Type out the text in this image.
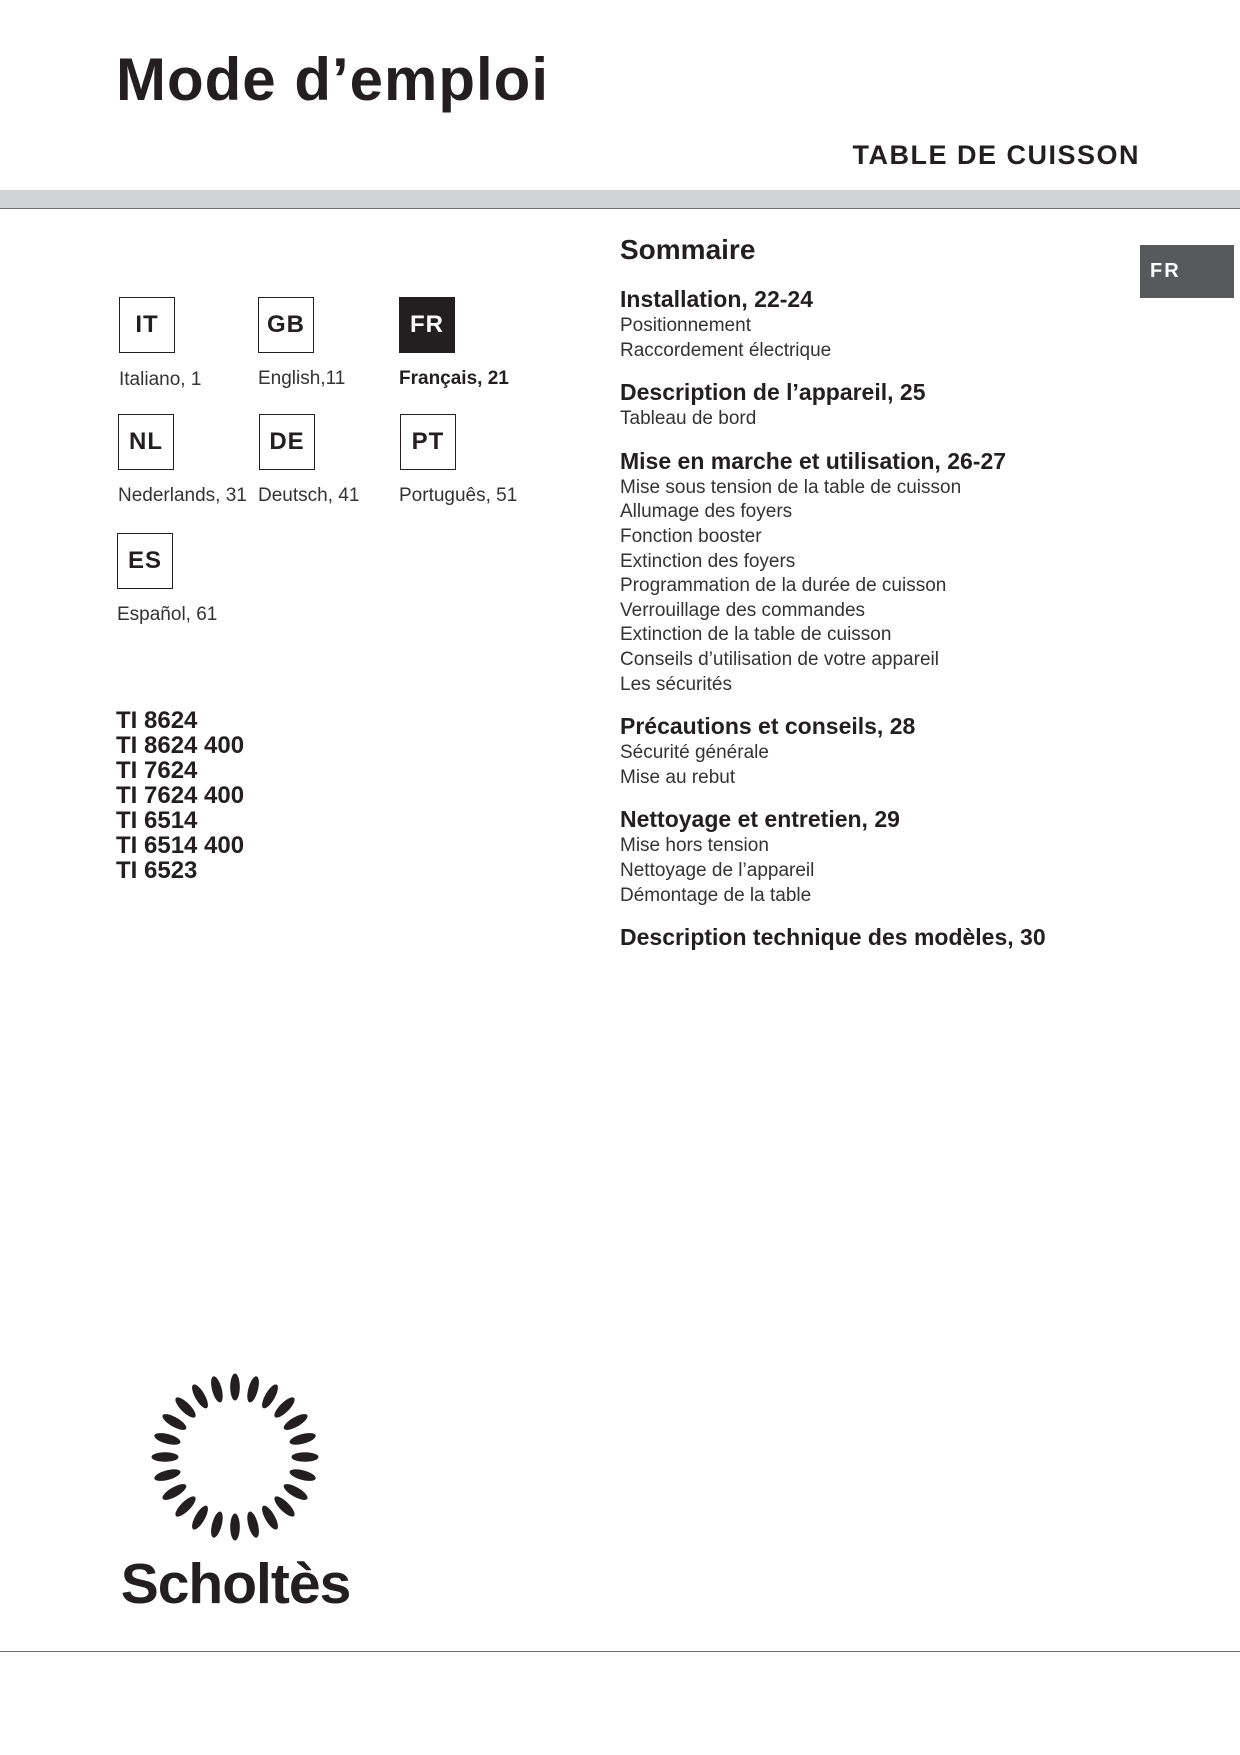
Mode d’emploi
TABLE DE CUISSON
FR
IT
Italiano, 1
GB
English,11
FR
Français, 21
NL
Nederlands, 31
DE
Deutsch, 41
PT
Português, 51
ES
Español, 61
TI 8624
TI 8624 400
TI 7624
TI 7624 400
TI 6514
TI 6514 400
TI 6523
Sommaire
Installation, 22-24
Positionnement
Raccordement électrique
Description de l’appareil, 25
Tableau de bord
Mise en marche et utilisation, 26-27
Mise sous tension de la table de cuisson
Allumage des foyers
Fonction booster
Extinction des foyers
Programmation de la durée de cuisson
Verrouillage des commandes
Extinction de la table de cuisson
Conseils d’utilisation de votre appareil
Les sécurités
Précautions et conseils, 28
Sécurité générale
Mise au rebut
Nettoyage et entretien, 29
Mise hors tension
Nettoyage de l’appareil
Démontage de la table
Description technique des modèles, 30
Scholtès
